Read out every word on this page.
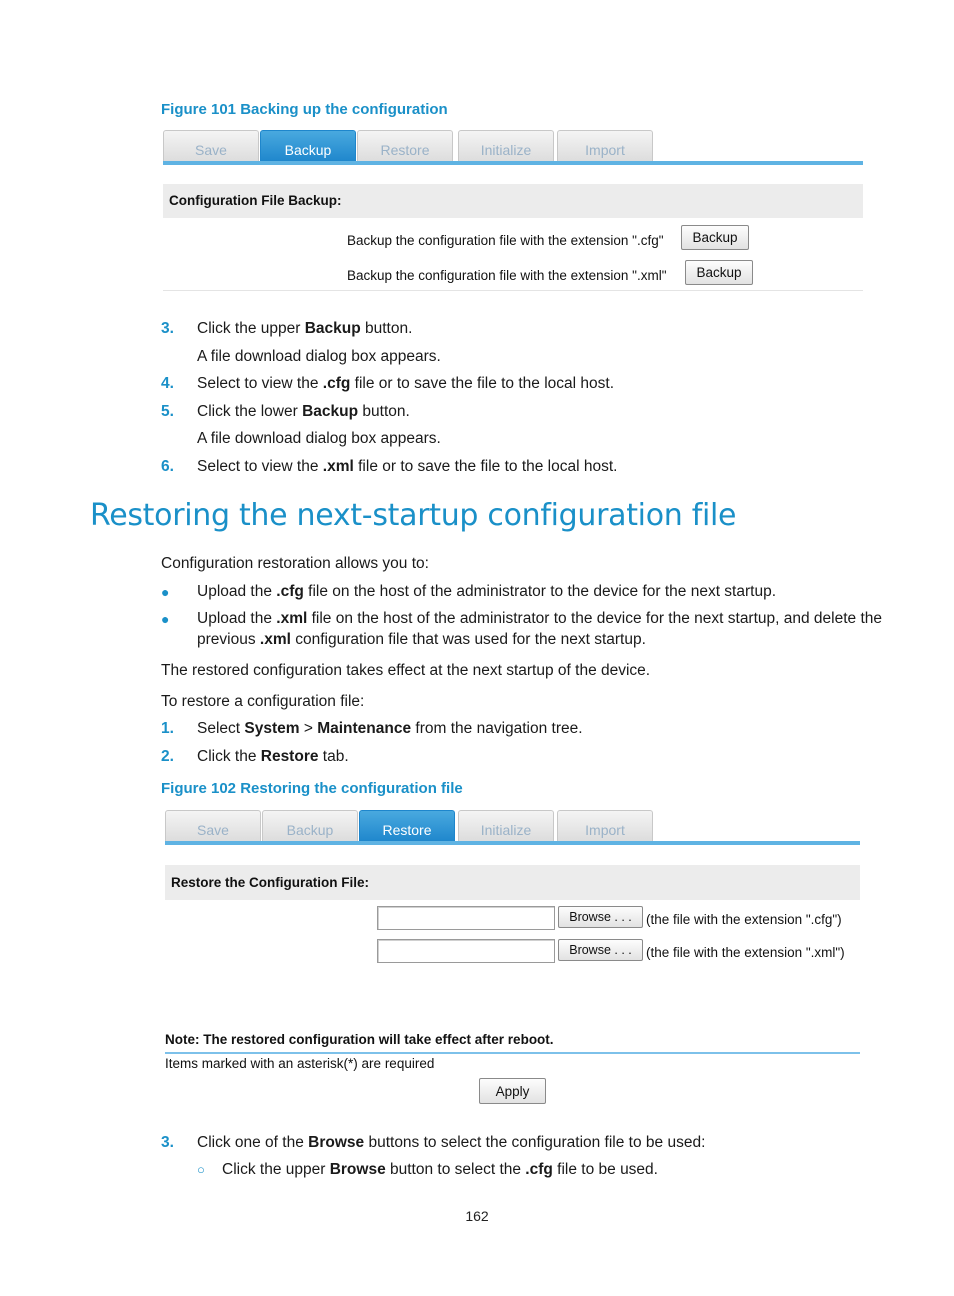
Figure 101 Backing up the configuration
Save	Backup	Restore	Initialize	Import
Configuration File Backup:
Backup the configuration file with the extension ".cfg"	Backup
Backup the configuration file with the extension ".xml"	Backup
3. Click the upper Backup button.
A file download dialog box appears.
4. Select to view the .cfg file or to save the file to the local host.
5. Click the lower Backup button.
A file download dialog box appears.
6. Select to view the .xml file or to save the file to the local host.
Restoring the next-startup configuration file
Configuration restoration allows you to:
● Upload the .cfg file on the host of the administrator to the device for the next startup.
● Upload the .xml file on the host of the administrator to the device for the next startup, and delete the
previous .xml configuration file that was used for the next startup.
The restored configuration takes effect at the next startup of the device.
To restore a configuration file:
1. Select System > Maintenance from the navigation tree.
2. Click the Restore tab.
Figure 102 Restoring the configuration file
Save	Backup	Restore	Initialize	Import
Restore the Configuration File:
Browse . . .	(the file with the extension ".cfg")
Browse . . .	(the file with the extension ".xml")
Note: The restored configuration will take effect after reboot.
Items marked with an asterisk(*) are required
Apply
3. Click one of the Browse buttons to select the configuration file to be used:
○ Click the upper Browse button to select the .cfg file to be used.
162
